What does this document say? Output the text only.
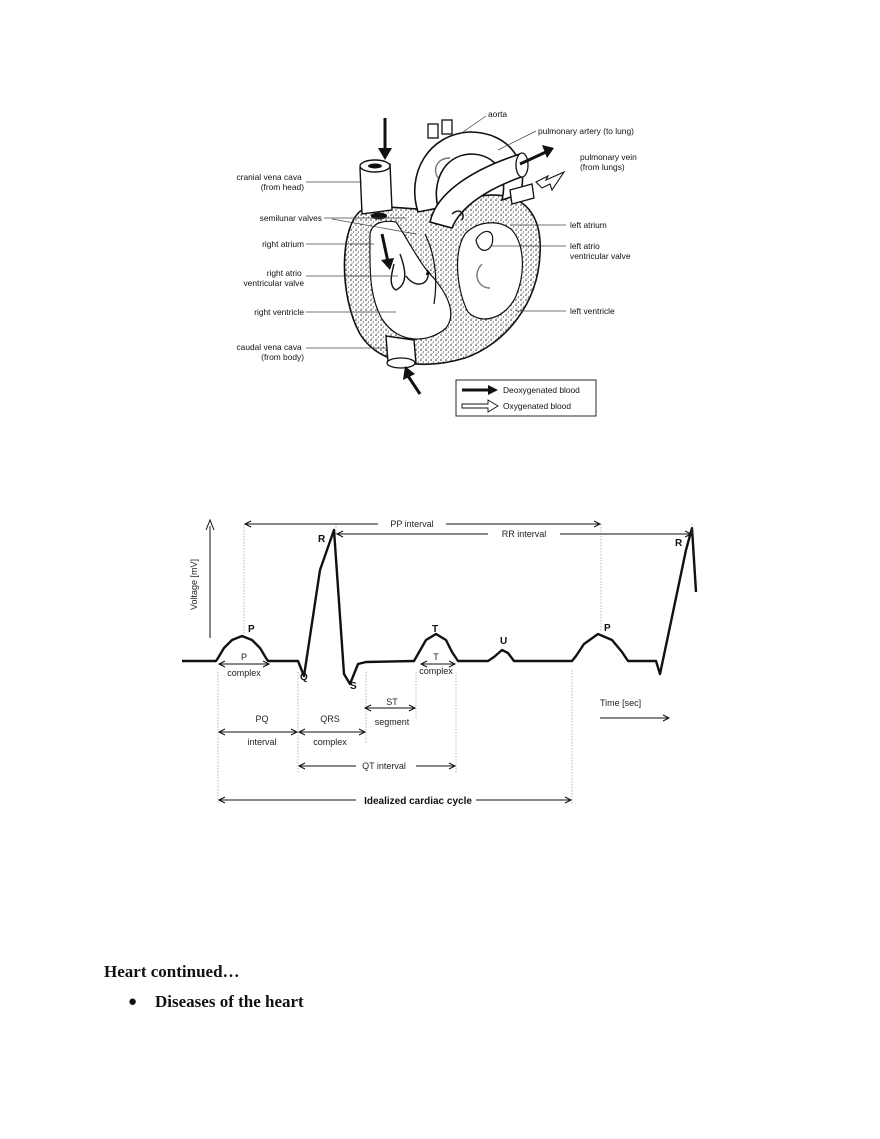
cranial vena cava (from head)
semilunar valves
right atrium
right atrio ventricular valve
right ventricle
caudal vena cava (from body)
aorta
pulmonary artery (to lung)
pulmonary vein (from lungs)
left atrium
left atrio ventricular valve
left ventricle
Deoxygenated blood
Oxygenated blood
Voltage [mV]
P
R
Q
S
T
U
P
R
PP interval
RR interval
P
complex
T
complex
PQ
interval
QRS
complex
ST
segment
QT interval
Idealized cardiac cycle
Time [sec]
Heart continued…
●	Diseases of the heart
